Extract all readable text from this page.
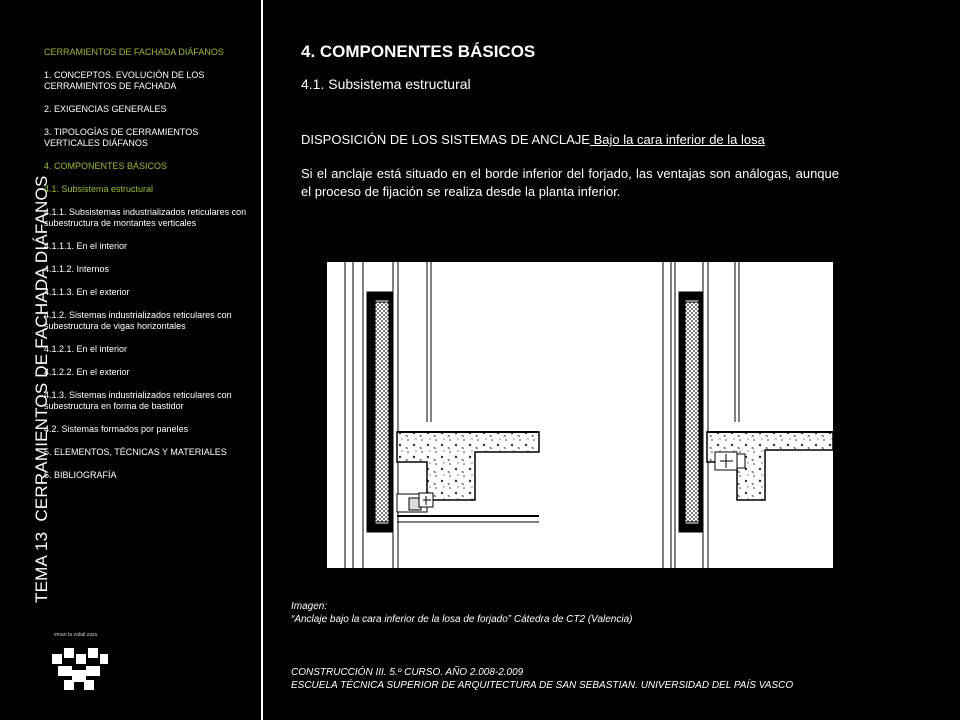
TEMA 13CERRAMIENTOS DE FACHADA DIÁFANOS
CERRAMIENTOS DE FACHADA DIÁFANOS
1. CONCEPTOS. EVOLUCIÓN DE LOS CERRAMIENTOS DE FACHADA
2. EXIGENCIAS GENERALES
3. TIPOLOGÍAS DE CERRAMIENTOS VERTICALES DIÁFANOS
4. COMPONENTES BÁSICOS
4.1. Subsistema estructural
4.1.1. Subsistemas industrializados reticulares con subestructura de montantes verticales
4.1.1.1. En el interior
4.1.1.2. Internos
4.1.1.3. En el exterior
4.1.2. Sistemas industrializados reticulares con subestructura de vigas horizontales
4.1.2.1. En el interior
4.1.2.2. En el exterior
4.1.3. Sistemas industrializados reticulares con subestructura en forma de bastidor
4.2. Sistemas formados por paneles
5. ELEMENTOS, TÉCNICAS Y MATERIALES
6. BIBLIOGRAFÍA
eman ta zabal zazu
4. COMPONENTES BÁSICOS
4.1. Subsistema estructural
DISPOSICIÓN DE LOS SISTEMAS DE ANCLAJE Bajo la cara inferior de la losa

Si el anclaje está situado en el borde inferior del forjado, las ventajas son análogas, aunque el proceso de fijación se realiza desde la planta inferior.

Imagen:
“Anclaje bajo la cara inferior de la losa de forjado” Cátedra de CT2 (Valencia)
CONSTRUCCIÓN III. 5.º CURSO. AÑO 2.008-2.009
ESCUELA TÉCNICA SUPERIOR DE ARQUITECTURA DE SAN SEBASTIAN. UNIVERSIDAD DEL PAÍS VASCO
